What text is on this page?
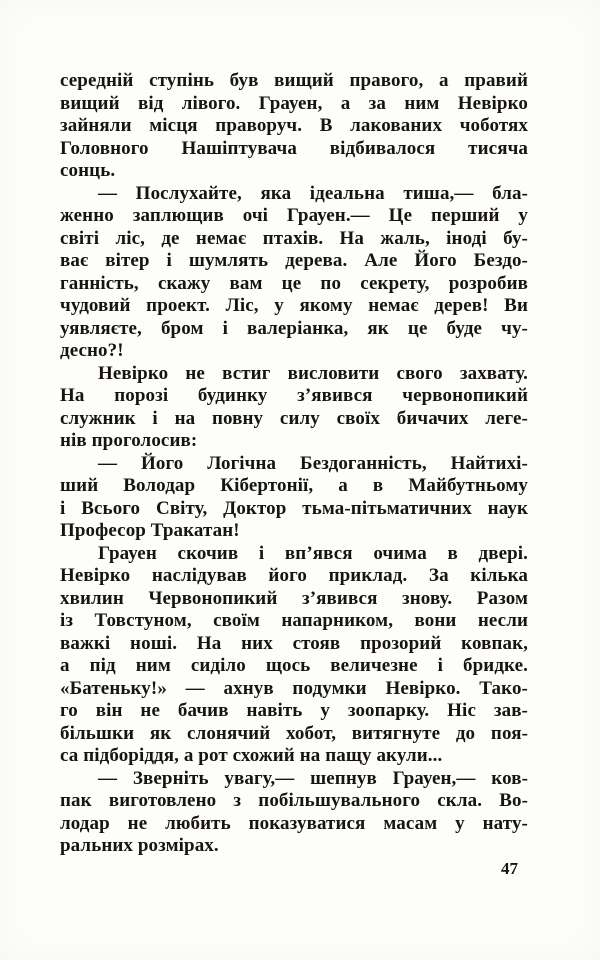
середній ступінь був вищий правого, а правий
вищий від лівого. Грауен, а за ним Невірко
зайняли місця праворуч. В лакованих чоботях
Головного Нашіптувача відбивалося тисяча
сонць.
— Послухайте, яка ідеальна тиша,— бла-
женно заплющив очі Грауен.— Це перший у
світі ліс, де немає птахів. На жаль, іноді бу-
ває вітер і шумлять дерева. Але Його Бездо-
ганність, скажу вам це по секрету, розробив
чудовий проект. Ліс, у якому немає дерев! Ви
уявляєте, бром і валеріанка, як це буде чу-
десно?!
Невірко не встиг висловити свого захвату.
На порозі будинку з’явився червонопикий
служник і на повну силу своїх бичачих леге-
нів проголосив:
— Його Логічна Бездоганність, Найтихі-
ший Володар Кібертонії, а в Майбутньому
і Всього Світу, Доктор тьма-пітьматичних наук
Професор Тракатан!
Грауен скочив і вп’явся очима в двері.
Невірко наслідував його приклад. За кілька
хвилин Червонопикий з’явився знову. Разом
із Товстуном, своїм напарником, вони несли
важкі ноші. На них стояв прозорий ковпак,
а під ним сиділо щось величезне і бридке.
«Батеньку!» — ахнув подумки Невірко. Тако-
го він не бачив навіть у зоопарку. Ніс зав-
більшки як слонячий хобот, витягнуте до поя-
са підборіддя, а рот схожий на пащу акули...
— Зверніть увагу,— шепнув Грауен,— ков-
пак виготовлено з побільшувального скла. Во-
лодар не любить показуватися масам у нату-
ральних розмірах.
47
